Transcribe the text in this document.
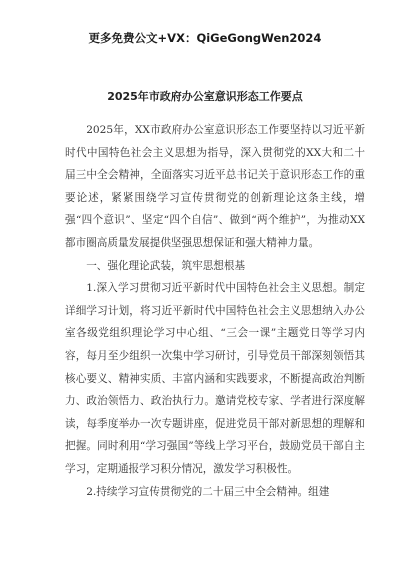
更多免费公文+VX：QiGeGongWen2024
2025年市政府办公室意识形态工作要点

2025年，XX市政府办公室意识形态工作要坚持以习近平新时代中国特色社会主义思想为指导，深入贯彻党的XX大和二十届三中全会精神，全面落实习近平总书记关于意识形态工作的重要论述，紧紧围绕学习宣传贯彻党的创新理论这条主线，增强“四个意识”、坚定“四个自信”、做到“两个维护”，为推动XX都市圈高质量发展提供坚强思想保证和强大精神力量。

一、强化理论武装，筑牢思想根基

1.深入学习贯彻习近平新时代中国特色社会主义思想。制定详细学习计划，将习近平新时代中国特色社会主义思想纳入办公室各级党组织理论学习中心组、“三会一课”主题党日等学习内容，每月至少组织一次集中学习研讨，引导党员干部深刻领悟其核心要义、精神实质、丰富内涵和实践要求，不断提高政治判断力、政治领悟力、政治执行力。邀请党校专家、学者进行深度解读，每季度举办一次专题讲座，促进党员干部对新思想的理解和把握。同时利用“学习强国”等线上学习平台，鼓励党员干部自主学习，定期通报学习积分情况，激发学习积极性。

2.持续学习宣传贯彻党的二十届三中全会精神。组建
